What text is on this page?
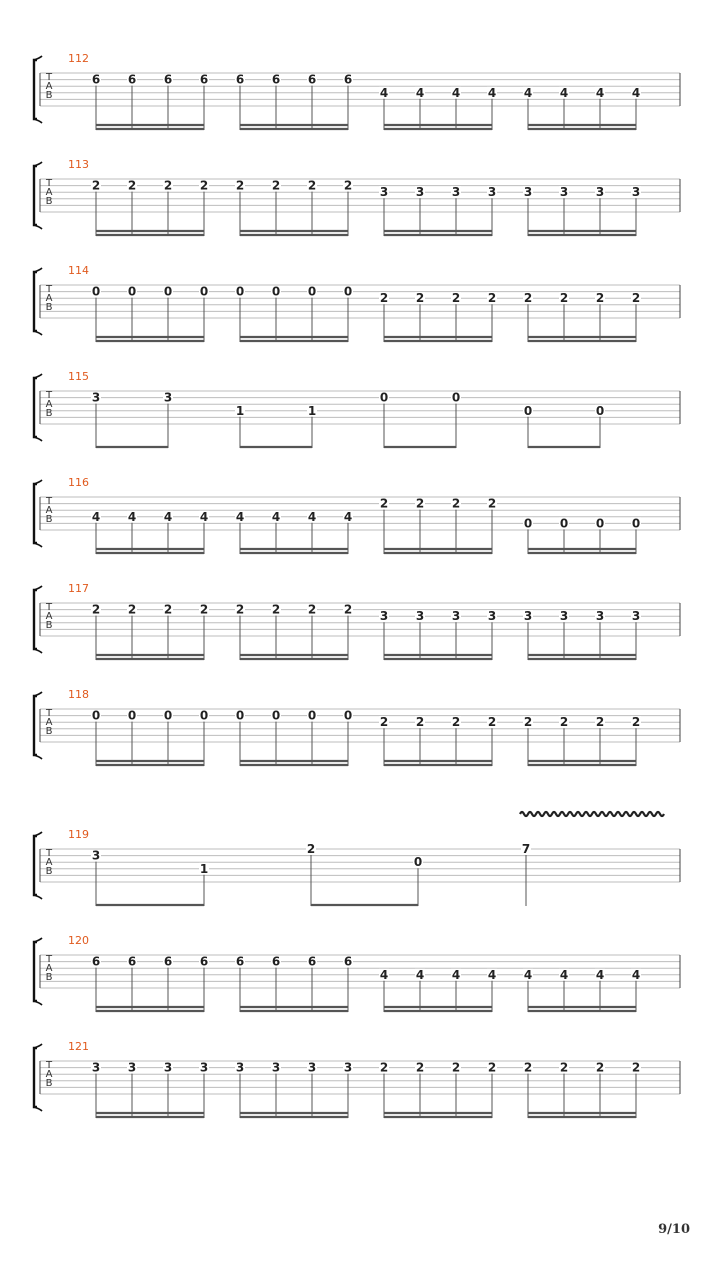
T
A
B
112
6 6 6 6 6 6 6 6
4 4 4 4 4 4 4 4
T
A
B
113
2 2 2 2 2 2 2 2 3 3 3 3 3 3 3 3
T
A
B
114
0 0 0 0 0 0 0 0 2 2 2 2 2 2 2 2
T
A
B
115
3	3
1	1
0	0
0	0
T
A
B
116
4 4 4 4 4 4 4 4
2 2 2 2
0 0 0 0
T
A
B
117
2 2 2 2 2 2 2 2 3 3 3 3 3 3 3 3
T
A
B
118
0 0 0 0 0 0 0 0 2 2 2 2 2 2 2 2
T
A
B
119
3
1
2
0
7
T
A
B
120
6 6 6 6 6 6 6 6
4 4 4 4 4 4 4 4
T
A
B
121
3 3 3 3 3 3 3 3 2 2 2 2 2 2 2 2
9/10
